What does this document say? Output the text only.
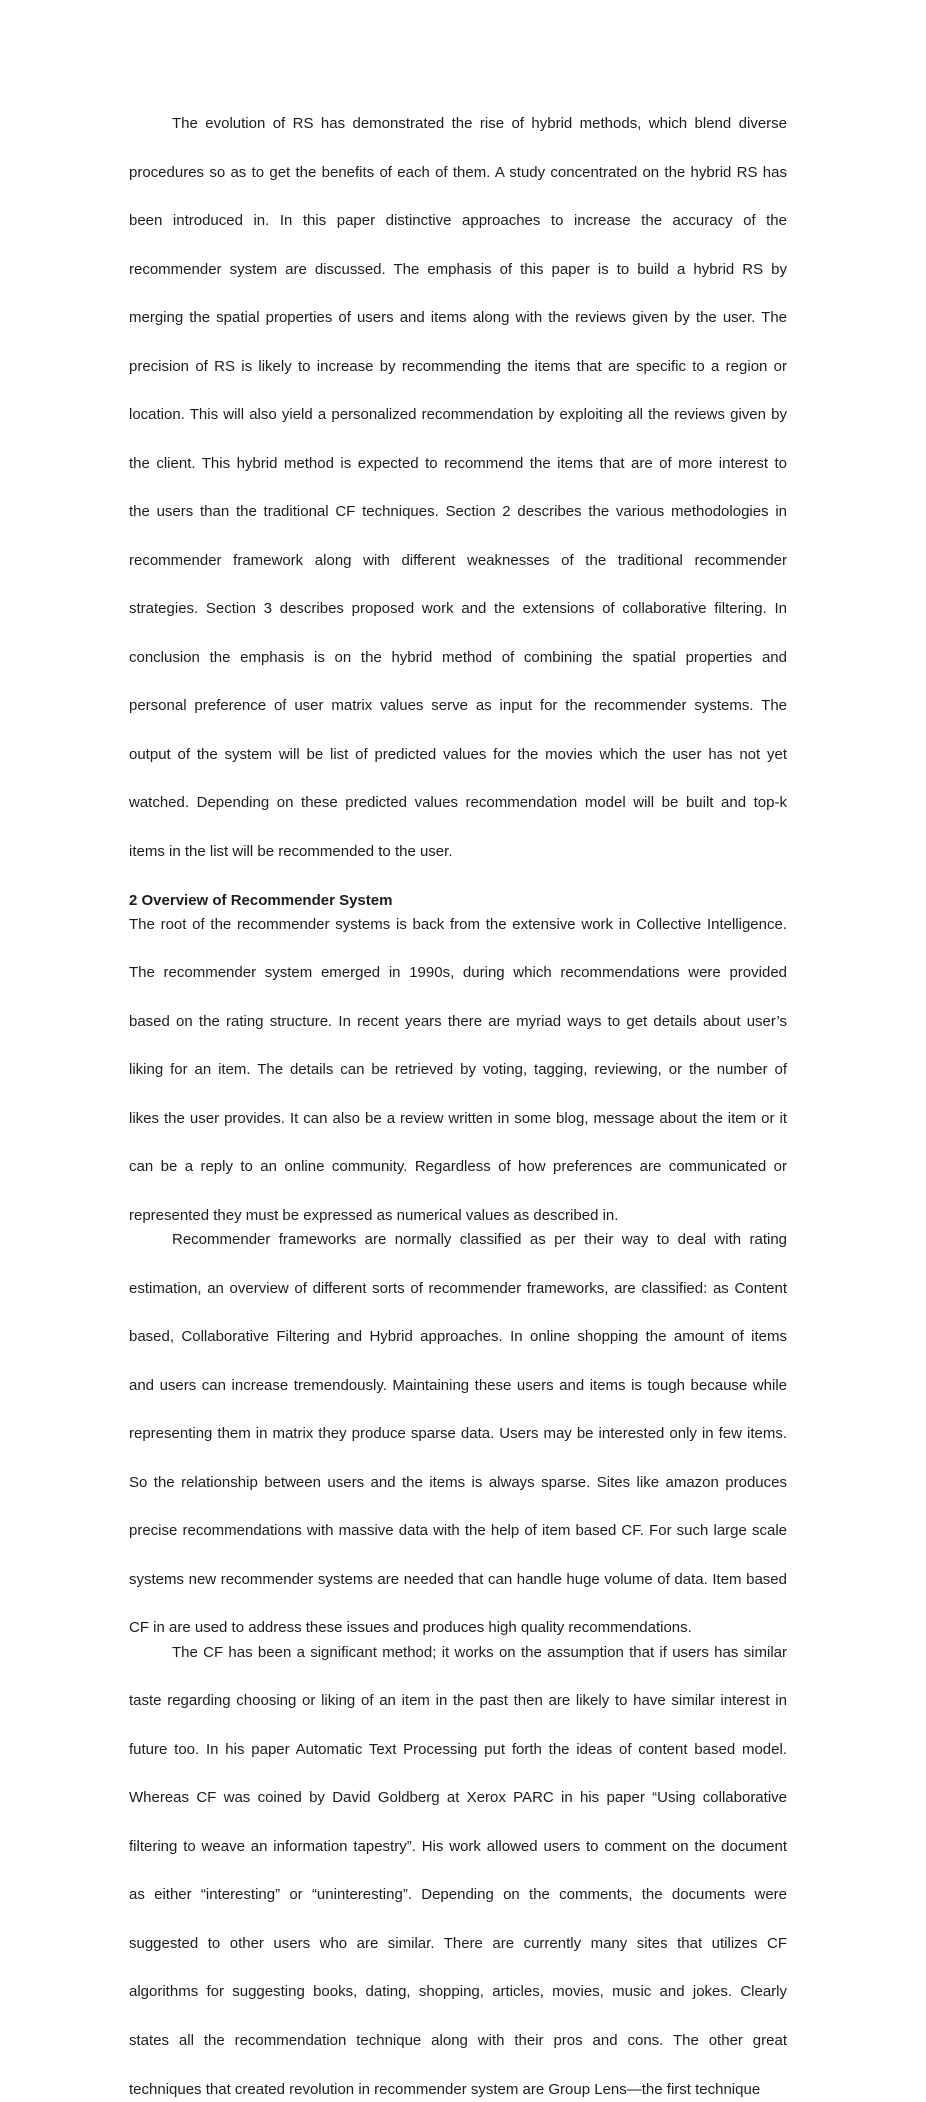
The evolution of RS has demonstrated the rise of hybrid methods, which blend diverse
procedures so as to get the benefits of each of them. A study concentrated on the hybrid RS has
been introduced in. In this paper distinctive approaches to increase the accuracy of the
recommender system are discussed. The emphasis of this paper is to build a hybrid RS by
merging the spatial properties of users and items along with the reviews given by the user. The
precision of RS is likely to increase by recommending the items that are specific to a region or
location. This will also yield a personalized recommendation by exploiting all the reviews given by
the client. This hybrid method is expected to recommend the items that are of more interest to
the users than the traditional CF techniques. Section 2 describes the various methodologies in
recommender framework along with different weaknesses of the traditional recommender
strategies. Section 3 describes proposed work and the extensions of collaborative filtering. In
conclusion the emphasis is on the hybrid method of combining the spatial properties and
personal preference of user matrix values serve as input for the recommender systems. The
output of the system will be list of predicted values for the movies which the user has not yet
watched. Depending on these predicted values recommendation model will be built and top-k
items in the list will be recommended to the user.
2 Overview of Recommender System
The root of the recommender systems is back from the extensive work in Collective Intelligence.
The recommender system emerged in 1990s, during which recommendations were provided
based on the rating structure. In recent years there are myriad ways to get details about user’s
liking for an item. The details can be retrieved by voting, tagging, reviewing, or the number of
likes the user provides. It can also be a review written in some blog, message about the item or it
can be a reply to an online community. Regardless of how preferences are communicated or
represented they must be expressed as numerical values as described in.
Recommender frameworks are normally classified as per their way to deal with rating
estimation, an overview of different sorts of recommender frameworks, are classified: as Content
based, Collaborative Filtering and Hybrid approaches. In online shopping the amount of items
and users can increase tremendously. Maintaining these users and items is tough because while
representing them in matrix they produce sparse data. Users may be interested only in few items.
So the relationship between users and the items is always sparse. Sites like amazon produces
precise recommendations with massive data with the help of item based CF. For such large scale
systems new recommender systems are needed that can handle huge volume of data. Item based
CF in are used to address these issues and produces high quality recommendations.
The CF has been a significant method; it works on the assumption that if users has similar
taste regarding choosing or liking of an item in the past then are likely to have similar interest in
future too. In his paper Automatic Text Processing put forth the ideas of content based model.
Whereas CF was coined by David Goldberg at Xerox PARC in his paper “Using collaborative
filtering to weave an information tapestry”. His work allowed users to comment on the document
as either “interesting” or “uninteresting”. Depending on the comments, the documents were
suggested to other users who are similar. There are currently many sites that utilizes CF
algorithms for suggesting books, dating, shopping, articles, movies, music and jokes. Clearly
states all the recommendation technique along with their pros and cons. The other great
techniques that created revolution in recommender system are Group Lens—the first technique
